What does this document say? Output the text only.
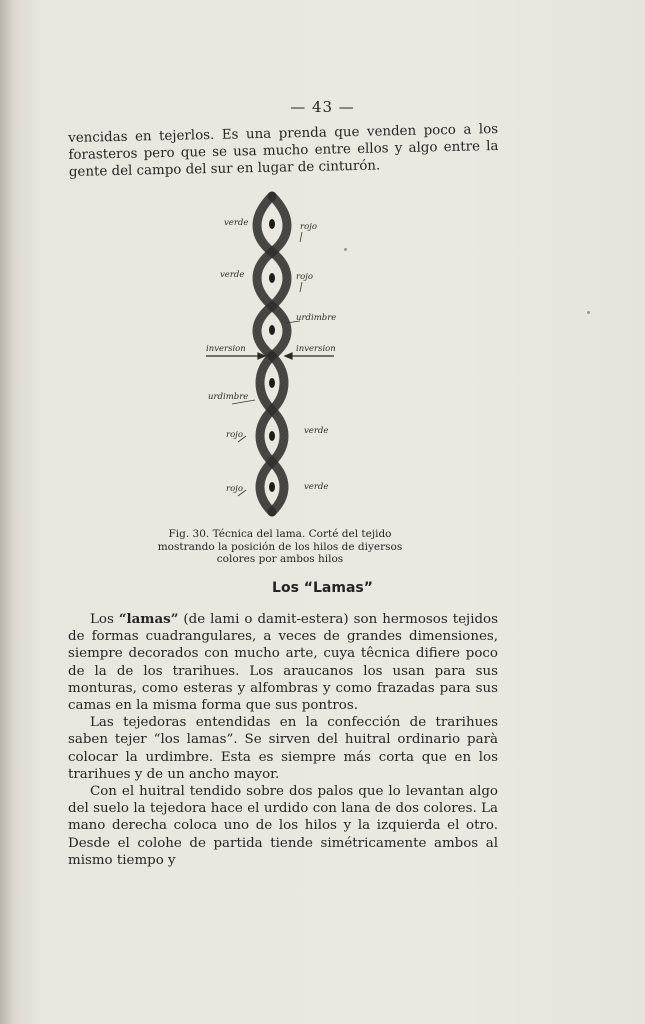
— 43 —

vencidas en tejerlos. Es una prenda que venden poco a los forasteros pero que se usa mucho entre ellos y algo entre la gente del campo del sur en lugar de cinturón.

verde
verde
inversion
urdimbre
rojo
rojo
rojo
rojo
urdimbre
inversion
verde
verde
Fig. 30. Técnica del lama. Corté del tejido
mostrando la posición de los hilos de diyersos
colores por ambos hilos
Los “Lamas”

Los “lamas” (de lami o damit-estera) son hermosos tejidos de formas cuadrangulares, a veces de grandes dimensiones, siempre decorados con mucho arte, cuya têcnica difiere poco de la de los trarihues. Los araucanos los usan para sus monturas, como esteras y alfombras y como frazadas para sus camas en la misma forma que sus pontros.

Las tejedoras entendidas en la confección de trarihues saben tejer “los lamas”. Se sirven del huitral ordinario parà colocar la urdimbre. Esta es siempre más corta que en los trarihues y de un ancho mayor.

Con el huitral tendido sobre dos palos que lo levantan algo del suelo la tejedora hace el urdido con lana de dos colores. La mano derecha coloca uno de los hilos y la izquierda el otro. Desde el colohe de partida tiende simétricamente ambos al mismo tiempo y
